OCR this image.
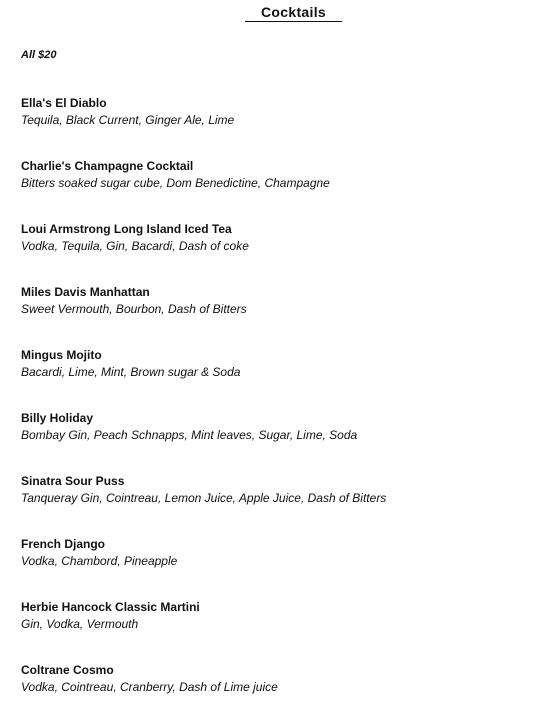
Cocktails
All $20

Ella's El Diablo

Tequila, Black Current, Ginger Ale, Lime

Charlie's Champagne Cocktail

Bitters soaked sugar cube, Dom Benedictine, Champagne

Loui Armstrong Long Island Iced Tea

Vodka, Tequila, Gin, Bacardi, Dash of coke

Miles Davis Manhattan

Sweet Vermouth, Bourbon, Dash of Bitters

Mingus Mojito

Bacardi, Lime, Mint, Brown sugar & Soda

Billy Holiday

Bombay Gin, Peach Schnapps, Mint leaves, Sugar, Lime, Soda

Sinatra Sour Puss

Tanqueray Gin, Cointreau, Lemon Juice, Apple Juice, Dash of Bitters

French Django

Vodka, Chambord, Pineapple

Herbie Hancock Classic Martini

Gin, Vodka, Vermouth

Coltrane Cosmo

Vodka, Cointreau, Cranberry, Dash of Lime juice
